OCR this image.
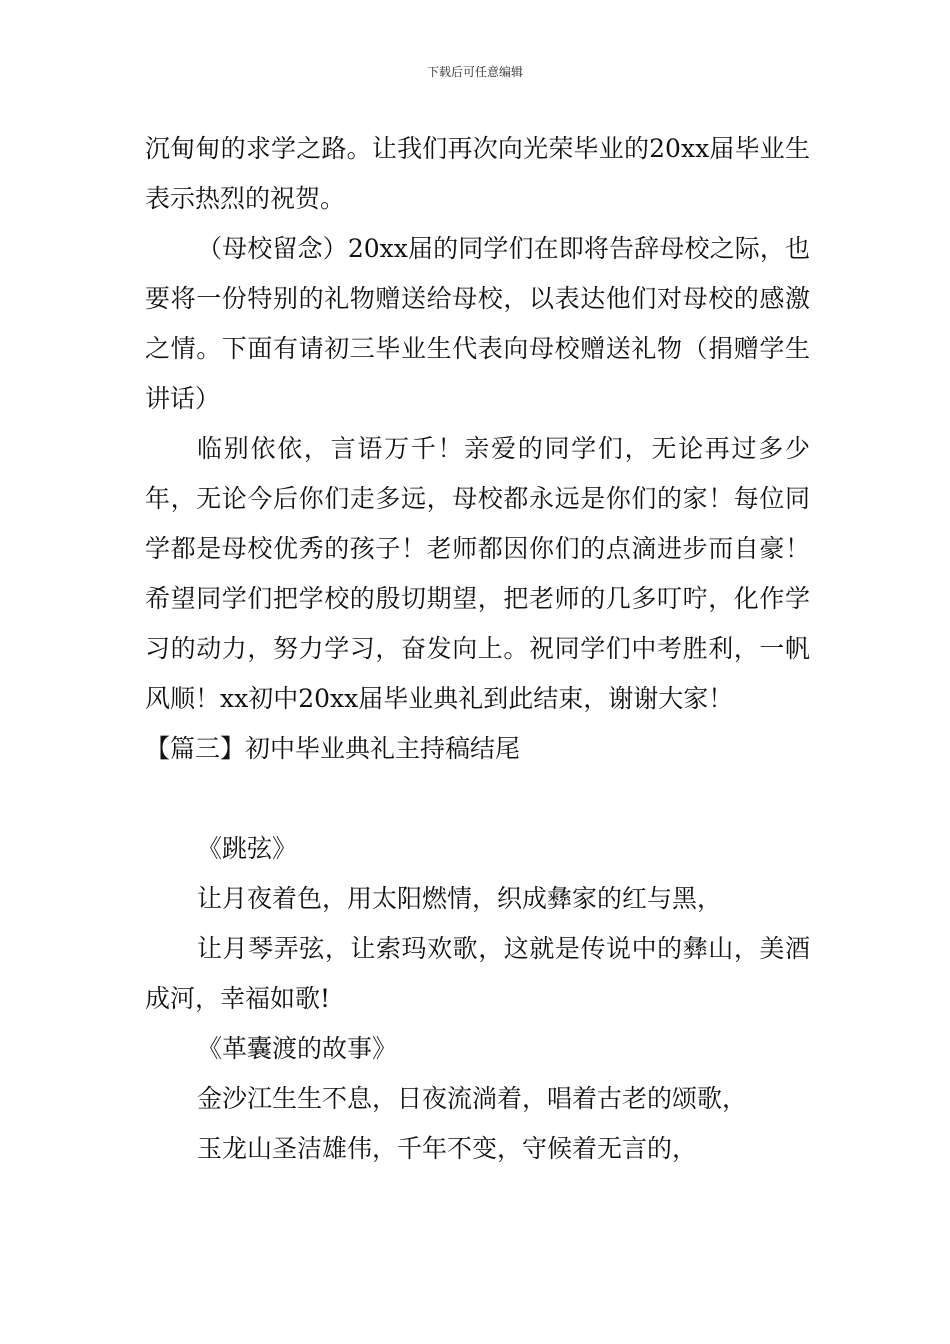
下载后可任意编辑

沉甸甸的求学之路。让我们再次向光荣毕业的20xx届毕业生表示热烈的祝贺。

（母校留念）20xx届的同学们在即将告辞母校之际，也要将一份特别的礼物赠送给母校，以表达他们对母校的感激之情。下面有请初三毕业生代表向母校赠送礼物（捐赠学生讲话）

临别依依，言语万千！亲爱的同学们，无论再过多少年，无论今后你们走多远，母校都永远是你们的家！每位同学都是母校优秀的孩子！老师都因你们的点滴进步而自豪！希望同学们把学校的殷切期望，把老师的几多叮咛，化作学习的动力，努力学习，奋发向上。祝同学们中考胜利，一帆风顺！xx初中20xx届毕业典礼到此结束，谢谢大家！

【篇三】初中毕业典礼主持稿结尾

《跳弦》

让月夜着色，用太阳燃情，织成彝家的红与黑，

让月琴弄弦，让索玛欢歌，这就是传说中的彝山，美酒成河，幸福如歌!

《革囊渡的故事》

金沙江生生不息，日夜流淌着，唱着古老的颂歌，

玉龙山圣洁雄伟，千年不变，守候着无言的，
